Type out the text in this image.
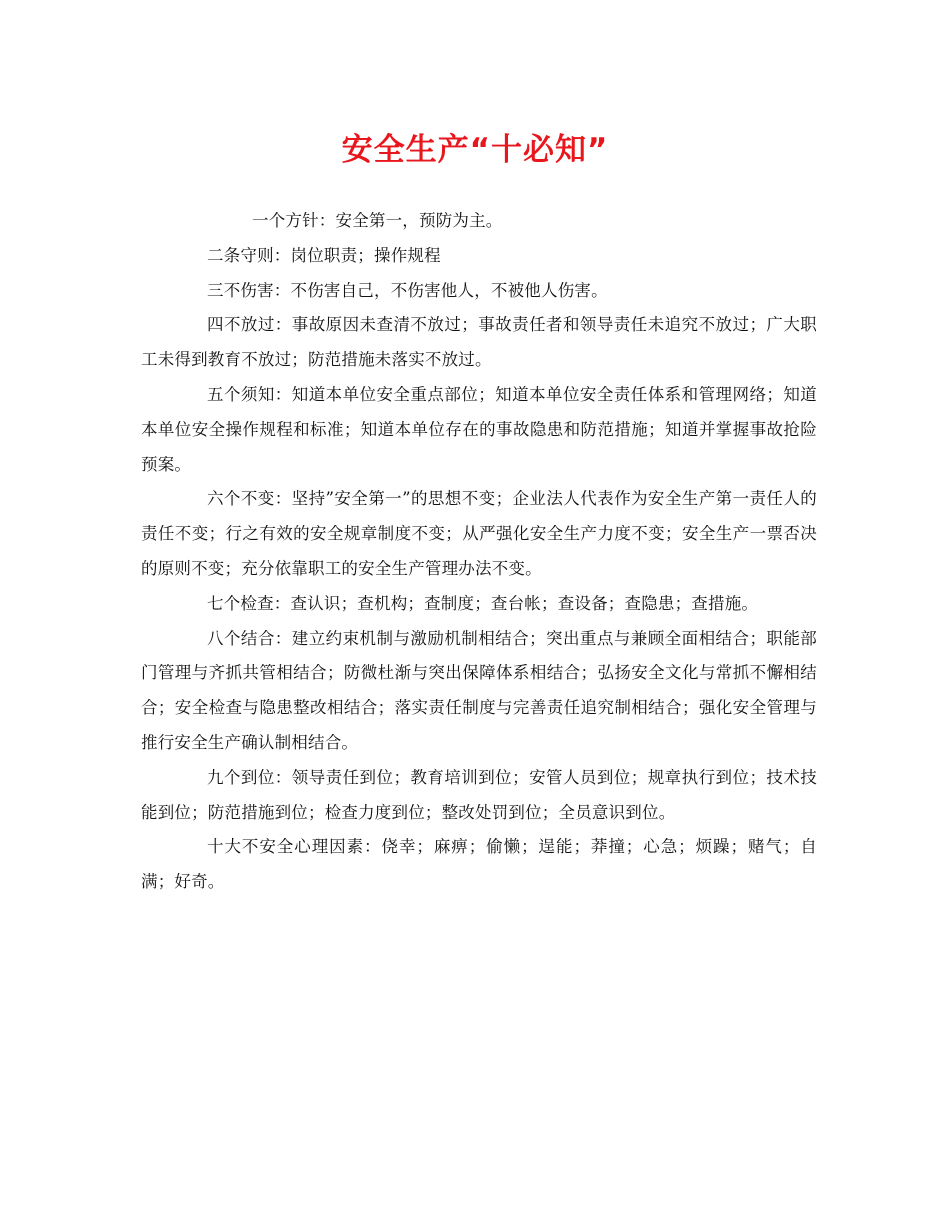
安全生产“十必知”

一个方针：安全第一，预防为主。

二条守则：岗位职责；操作规程

三不伤害：不伤害自己，不伤害他人，不被他人伤害。

四不放过：事故原因未查清不放过；事故责任者和领导责任未追究不放过；广大职工未得到教育不放过；防范措施未落实不放过。

五个须知：知道本单位安全重点部位；知道本单位安全责任体系和管理网络；知道本单位安全操作规程和标准；知道本单位存在的事故隐患和防范措施；知道并掌握事故抢险预案。

六个不变：坚持”安全第一”的思想不变；企业法人代表作为安全生产第一责任人的责任不变；行之有效的安全规章制度不变；从严强化安全生产力度不变；安全生产一票否决的原则不变；充分依靠职工的安全生产管理办法不变。

七个检查：查认识；查机构；查制度；查台帐；查设备；查隐患；查措施。

八个结合：建立约束机制与激励机制相结合；突出重点与兼顾全面相结合；职能部门管理与齐抓共管相结合；防微杜渐与突出保障体系相结合；弘扬安全文化与常抓不懈相结合；安全检查与隐患整改相结合；落实责任制度与完善责任追究制相结合；强化安全管理与推行安全生产确认制相结合。

九个到位：领导责任到位；教育培训到位；安管人员到位；规章执行到位；技术技能到位；防范措施到位；检查力度到位；整改处罚到位；全员意识到位。

十大不安全心理因素：侥幸；麻痹；偷懒；逞能；莽撞；心急；烦躁；赌气；自满；好奇。
